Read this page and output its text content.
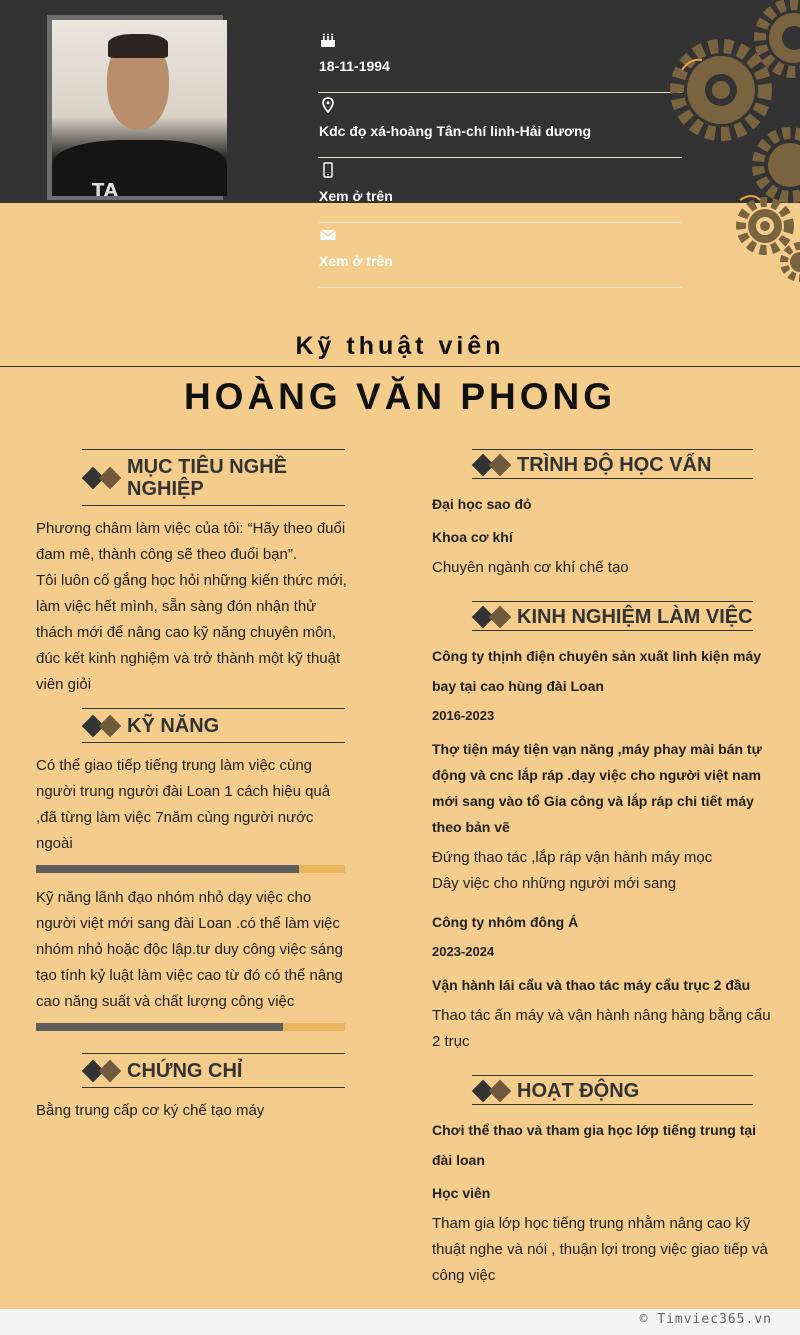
TA
18-11-1994
Kdc đọ xá-hoàng Tân-chí linh-Hải dương
Xem ở trên
Xem ở trên
Kỹ thuật viên
HOÀNG VĂN PHONG
MỤC TIÊU NGHỀ
NGHIỆP
Phương châm làm việc của tôi: “Hãy theo đuổi
đam mê, thành công sẽ theo đuổi bạn”.
Tôi luôn cố gắng học hỏi những kiến thức mới,
làm việc hết mình, sẵn sàng đón nhận thử
thách mới để nâng cao kỹ năng chuyên môn,
đúc kết kinh nghiệm và trở thành một kỹ thuật
viên giỏi
KỸ NĂNG
Có thể giao tiếp tiếng trung làm việc cùng
người trung người đài Loan 1 cách hiệu quả
,đã từng làm việc 7năm cùng người nước
ngoài
Kỹ năng lãnh đạo nhóm nhỏ dạy việc cho
người việt mới sang đài Loan .có thể làm việc
nhóm nhỏ hoặc độc lập.tư duy công việc sáng
tạo tính kỷ luật làm việc cao từ đó có thể nâng
cao năng suất và chất lượng công việc
CHỨNG CHỈ
Bằng trung cấp cơ ký chế tạo máy
TRÌNH ĐỘ HỌC VẤN
Đại học sao đỏ
Khoa cơ khí
Chuyên ngành cơ khí chế tạo
KINH NGHIỆM LÀM VIỆC
Công ty thịnh điện chuyên sản xuất linh kiện máy
bay tại cao hùng đài Loan
2016-2023
Thợ tiện máy tiện vạn năng ,máy phay mài bán tự
động và cnc lắp ráp .dạy việc cho người việt nam
mới sang vào tổ Gia công và lắp ráp chi tiết máy
theo bản vẽ
Đứng thao tác ,lắp ráp vận hành máy mọc
Dây việc cho những người mới sang
Công ty nhôm đông Á
2023-2024
Vận hành lái cẩu và thao tác máy cẩu trục 2 đầu
Thao tác ấn máy và vận hành nâng hàng bằng cẩu
2 trục
HOẠT ĐỘNG
Chơi thể thao và tham gia học lớp tiếng trung tại
đài loan
Học viên
Tham gia lớp học tiếng trung nhằm nâng cao kỹ
thuật nghe và nói , thuận lợi trong việc giao tiếp và
công việc
© Timviec365.vn
